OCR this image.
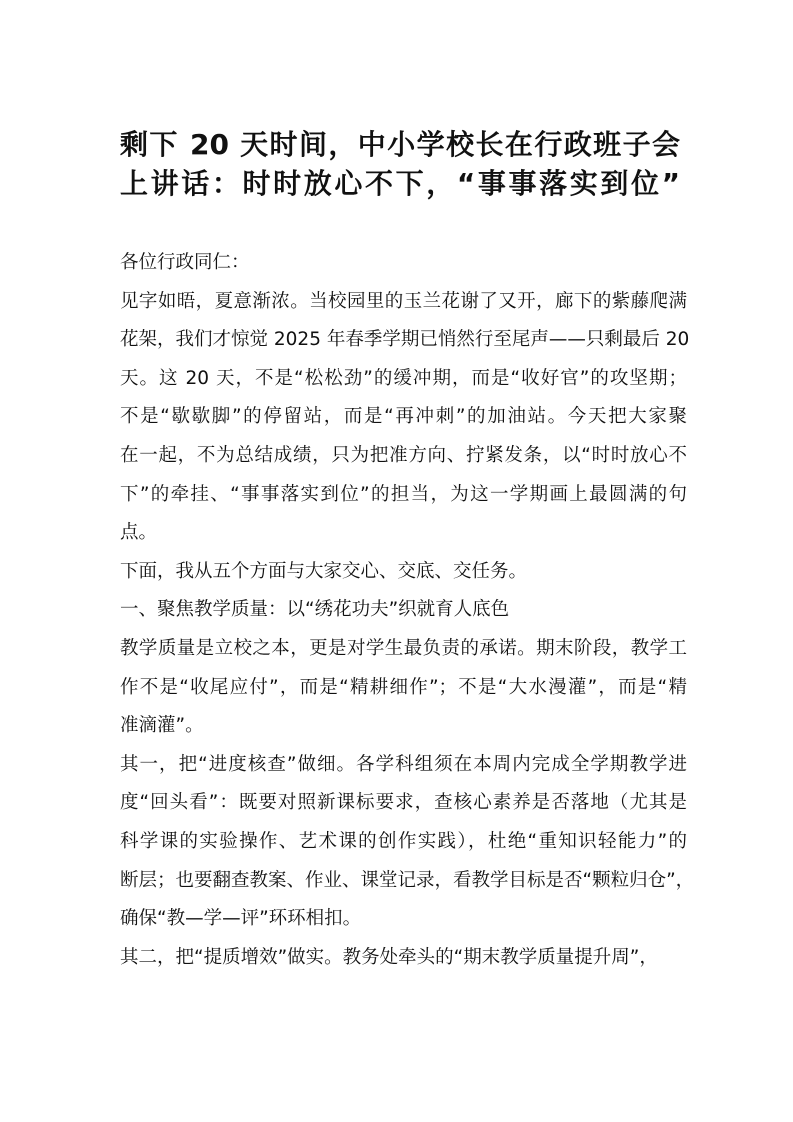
剩下 20 天时间，中小学校长在行政班子会
上讲话：时时放心不下，“事事落实到位”
各位行政同仁：
见字如晤，夏意渐浓。当校园里的玉兰花谢了又开，廊下的紫藤爬满
花架，我们才惊觉 2025 年春季学期已悄然行至尾声——只剩最后 20
天。这 20 天，不是“松松劲”的缓冲期，而是“收好官”的攻坚期；
不是“歇歇脚”的停留站，而是“再冲刺”的加油站。今天把大家聚
在一起，不为总结成绩，只为把准方向、拧紧发条，以“时时放心不
下”的牵挂、“事事落实到位”的担当，为这一学期画上最圆满的句
点。
下面，我从五个方面与大家交心、交底、交任务。
一、聚焦教学质量：以“绣花功夫”织就育人底色
教学质量是立校之本，更是对学生最负责的承诺。期末阶段，教学工
作不是“收尾应付”，而是“精耕细作”；不是“大水漫灌”，而是“精
准滴灌”。
其一，把“进度核查”做细。各学科组须在本周内完成全学期教学进
度“回头看”：既要对照新课标要求，查核心素养是否落地（尤其是
科学课的实验操作、艺术课的创作实践），杜绝“重知识轻能力”的
断层；也要翻查教案、作业、课堂记录，看教学目标是否“颗粒归仓”，
确保“教—学—评”环环相扣。
其二，把“提质增效”做实。教务处牵头的“期末教学质量提升周”，
